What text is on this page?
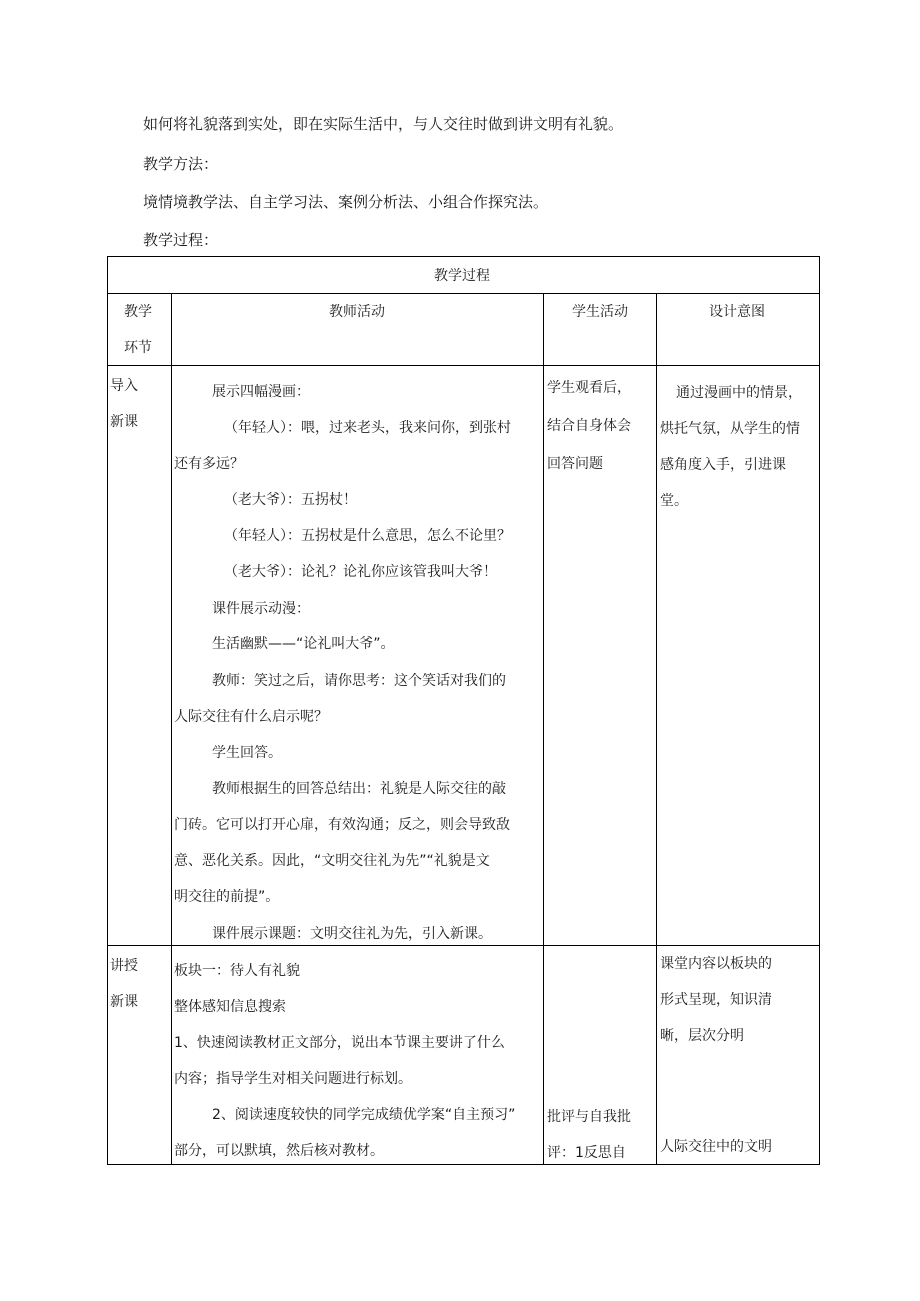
如何将礼貌落到实处，即在实际生活中，与人交往时做到讲文明有礼貌。
教学方法：
境情境教学法、自主学习法、案例分析法、小组合作探究法。
教学过程：
教学过程
教学
环节
教师活动	学生活动	设计意图
导入
新课
展示四幅漫画：
（年轻人）：喂，过来老头，我来问你，到张村
还有多远？
（老大爷）：五拐杖！
（年轻人）：五拐杖是什么意思，怎么不论里？
（老大爷）：论礼？论礼你应该管我叫大爷！
课件展示动漫：
生活幽默——“论礼叫大爷”。
教师：笑过之后，请你思考：这个笑话对我们的
人际交往有什么启示呢？
学生回答。
教师根据生的回答总结出：礼貌是人际交往的敲
门砖。它可以打开心扉，有效沟通；反之，则会导致敌
意、恶化关系。因此，“文明交往礼为先”“礼貌是文
明交往的前提”。
课件展示课题：文明交往礼为先，引入新课。
学生观看后，
结合自身体会
回答问题
通过漫画中的情景，
烘托气氛，从学生的情
感角度入手，引进课
堂。
讲授
新课
板块一：待人有礼貌
整体感知信息搜索
1、快速阅读教材正文部分，说出本节课主要讲了什么
内容；指导学生对相关问题进行标划。
2、阅读速度较快的同学完成绩优学案“自主预习”
部分，可以默填，然后核对教材。
批评与自我批
评：1反思自
课堂内容以板块的
形式呈现，知识清
晰，层次分明
人际交往中的文明
